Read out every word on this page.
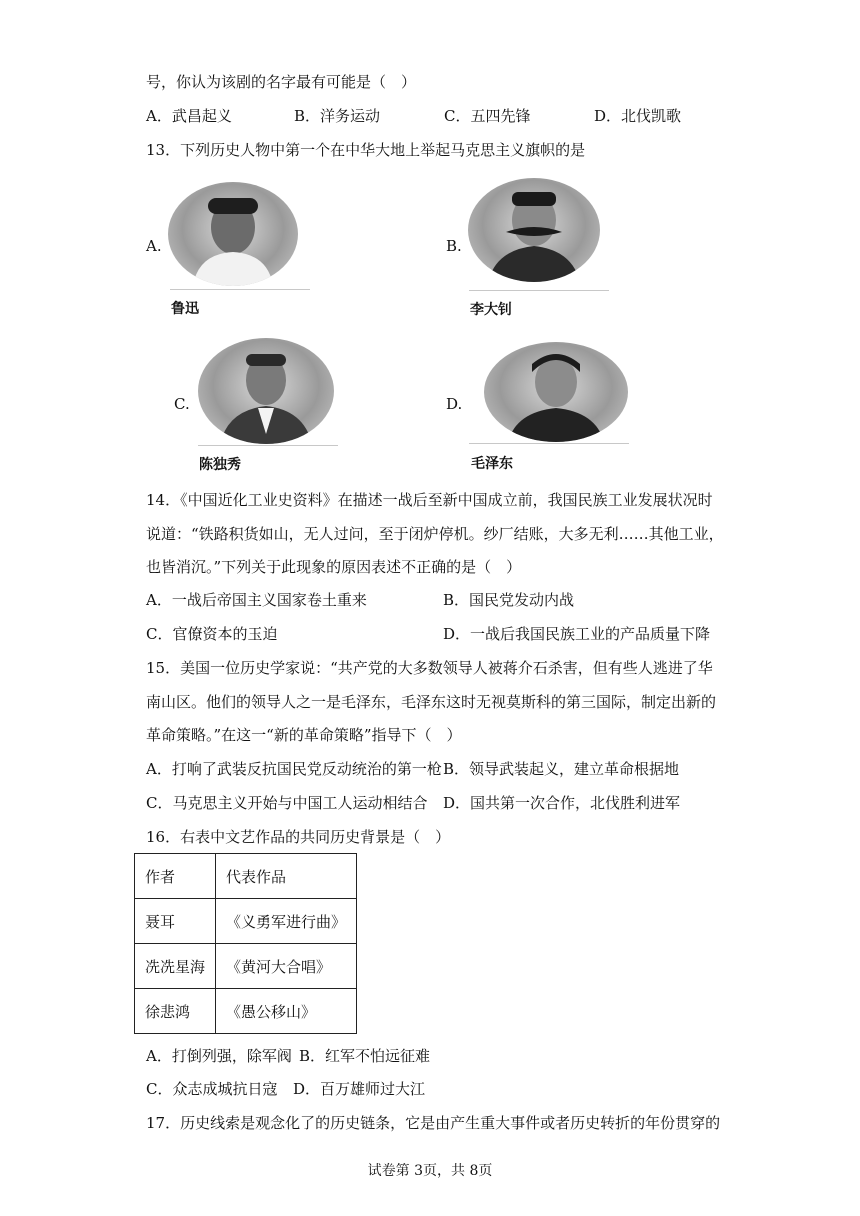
号，你认为该剧的名字最有可能是（　）
A．武昌起义	B．洋务运动	C．五四先锋	D．北伐凯歌
13．下列历史人物中第一个在中华大地上举起马克思主义旗帜的是
A.
鲁迅
B.
李大钊
C.
陈独秀
D.
毛泽东
14．《中国近化工业史资料》在描述一战后至新中国成立前，我国民族工业发展状况时
说道：“铁路积货如山，无人过问，至于闭炉停机。纱厂结账，大多无利……其他工业，
也皆消沉。”下列关于此现象的原因表述不正确的是（　）
A．一战后帝国主义国家卷土重来	B．国民党发动内战
C．官僚资本的玉迫	D．一战后我国民族工业的产品质量下降
15．美国一位历史学家说：“共产党的大多数领导人被蒋介石杀害，但有些人逃进了华
南山区。他们的领导人之一是毛泽东，毛泽东这时无视莫斯科的第三国际，制定出新的
革命策略。”在这一“新的革命策略”指导下（　）
A．打响了武装反抗国民党反动统治的第一枪 B．领导武装起义，建立革命根据地
C．马克思主义开始与中国工人运动相结合 D．国共第一次合作，北伐胜利进军
16．右表中文艺作品的共同历史背景是（　）
作者	代表作品
聂耳	《义勇军进行曲》
冼冼星海	《黄河大合唱》
徐悲鸿	《愚公移山》
A．打倒列强，除军阀 B．红军不怕远征难
C．众志成城抗日寇 D．百万雄师过大江
17．历史线索是观念化了的历史链条，它是由产生重大事件或者历史转折的年份贯穿的
试卷第 3页，共 8页
